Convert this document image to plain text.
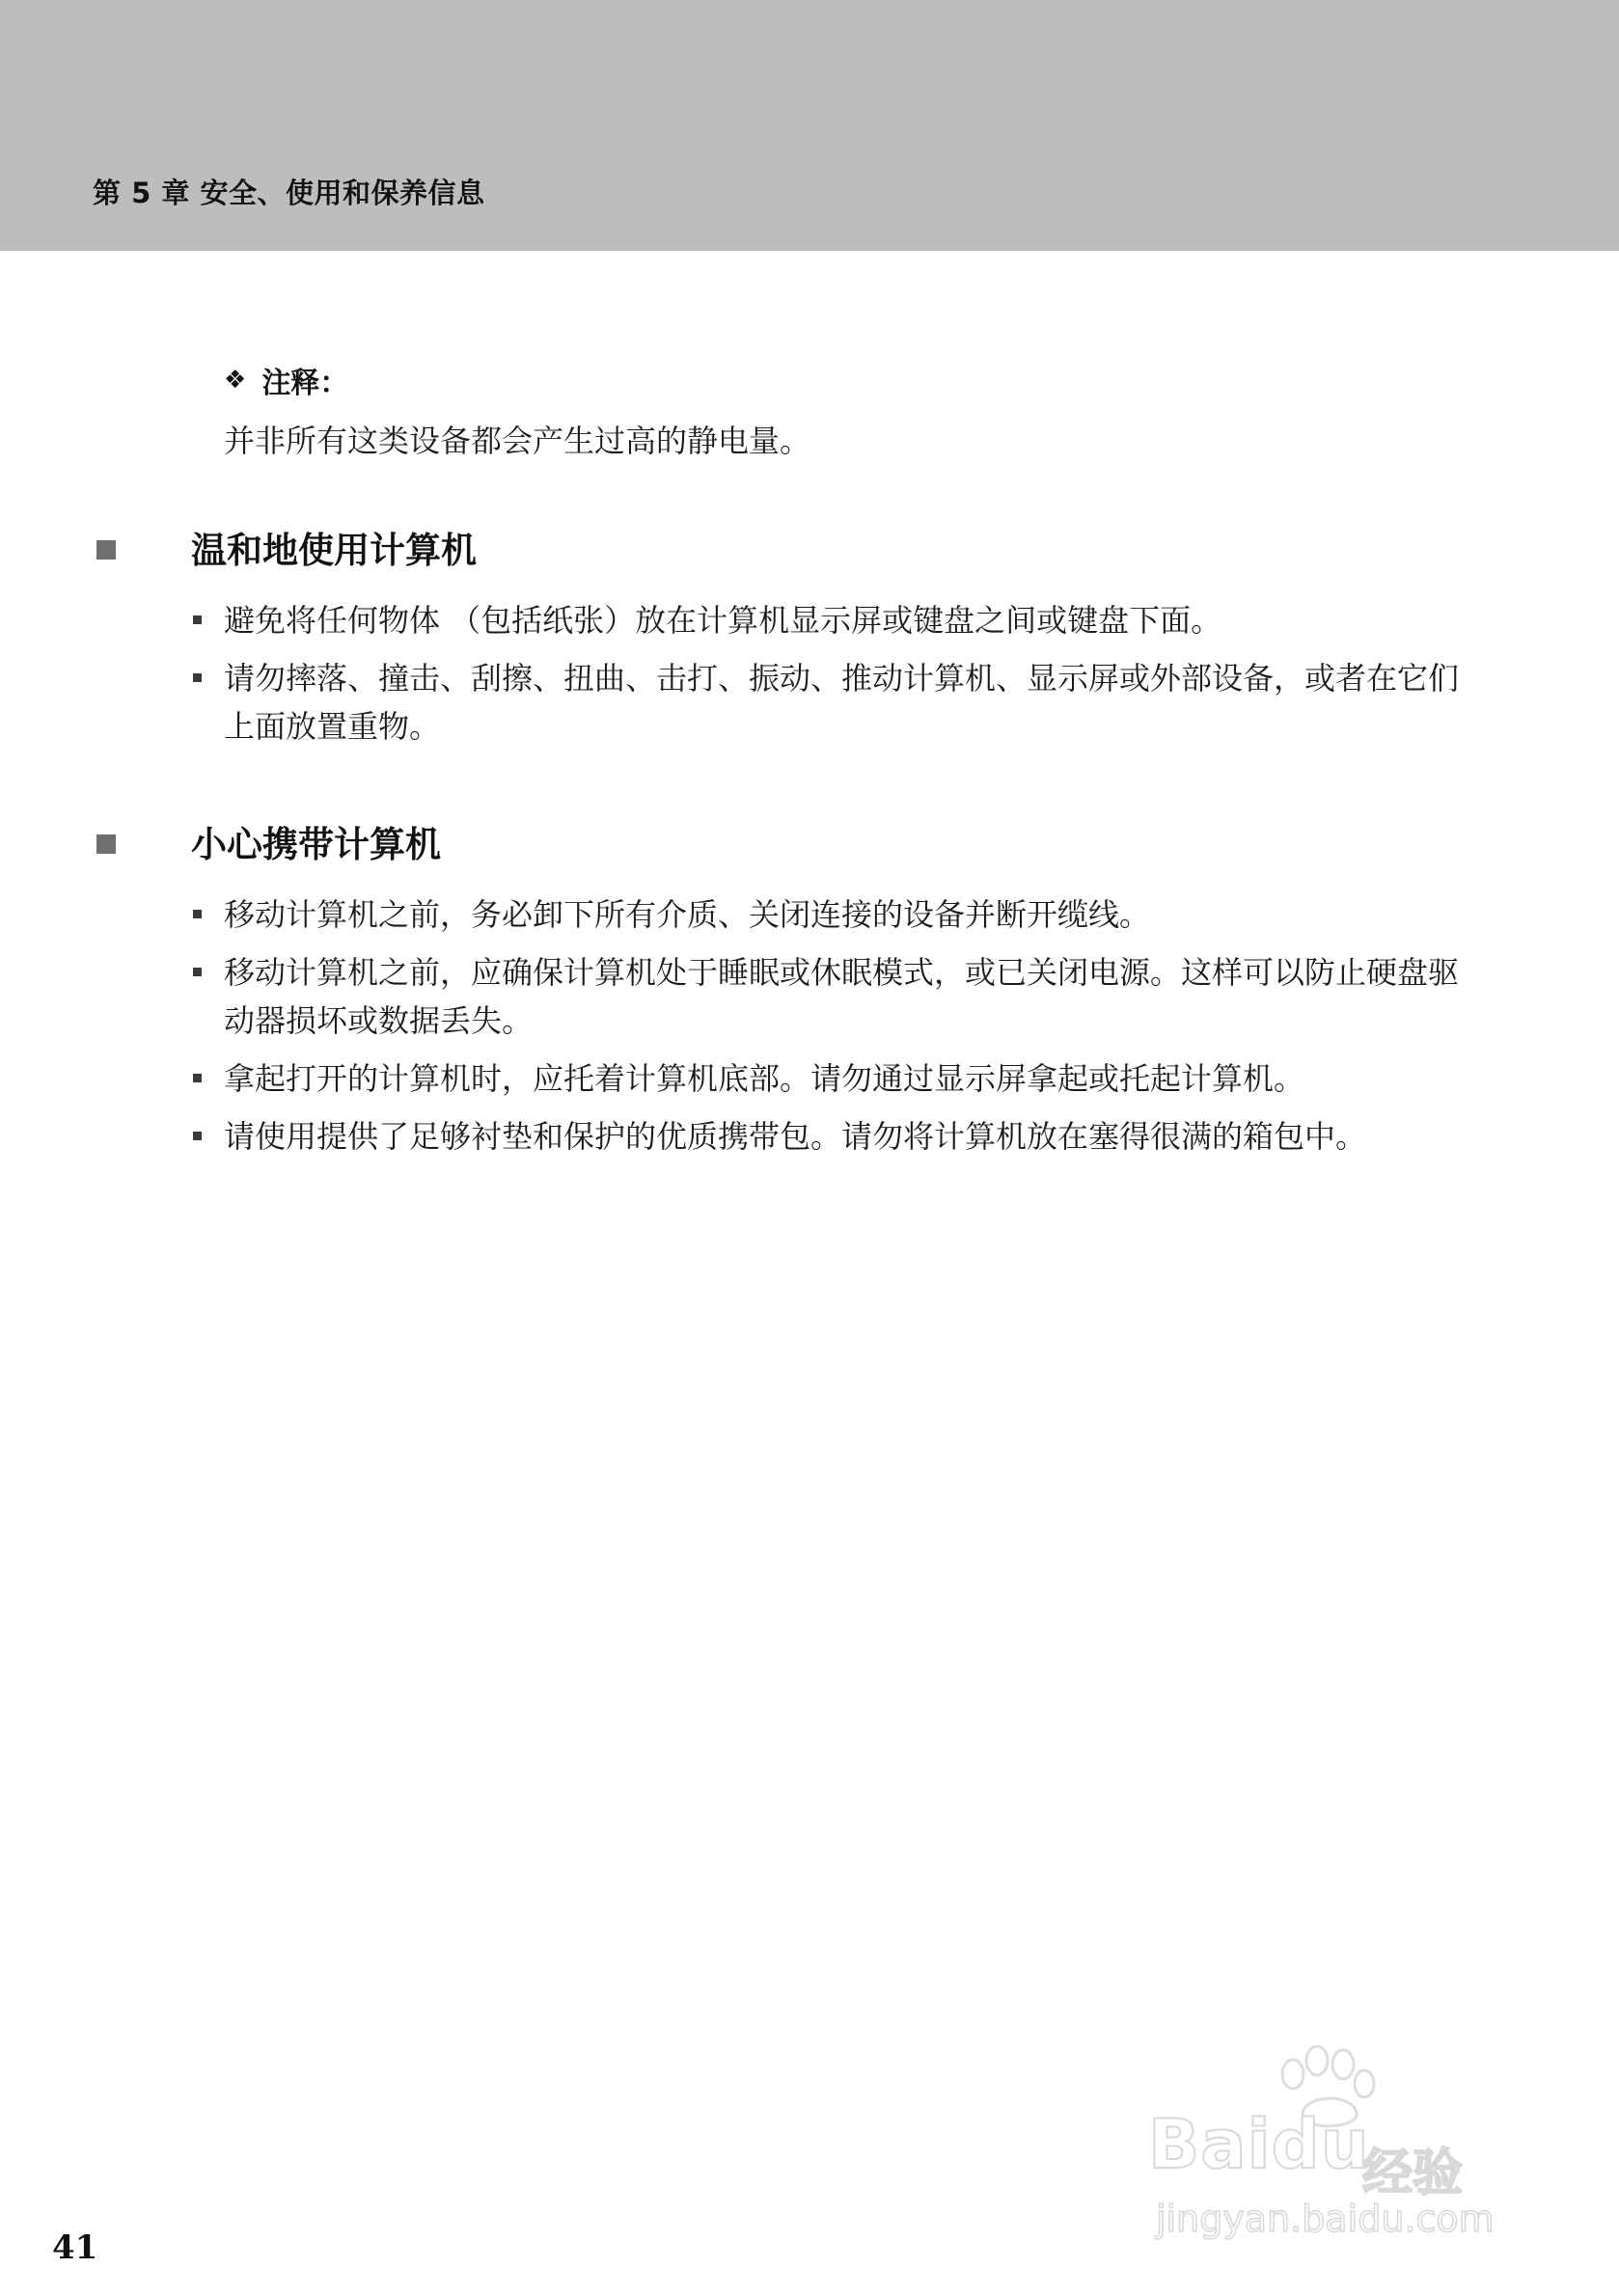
第 5 章 安全、使用和保养信息
❖ 注释：
并非所有这类设备都会产生过高的静电量。
温和地使用计算机
避免将任何物体 （包括纸张）放在计算机显示屏或键盘之间或键盘下面。
请勿摔落、撞击、刮擦、扭曲、击打、振动、推动计算机、显示屏或外部设备，或者在它们上面放置重物。
小心携带计算机
移动计算机之前，务必卸下所有介质、关闭连接的设备并断开缆线。
移动计算机之前，应确保计算机处于睡眠或休眠模式，或已关闭电源。这样可以防止硬盘驱动器损坏或数据丢失。
拿起打开的计算机时，应托着计算机底部。请勿通过显示屏拿起或托起计算机。
请使用提供了足够衬垫和保护的优质携带包。请勿将计算机放在塞得很满的箱包中。
41
Baidu
经验
jingyan.baidu.com
